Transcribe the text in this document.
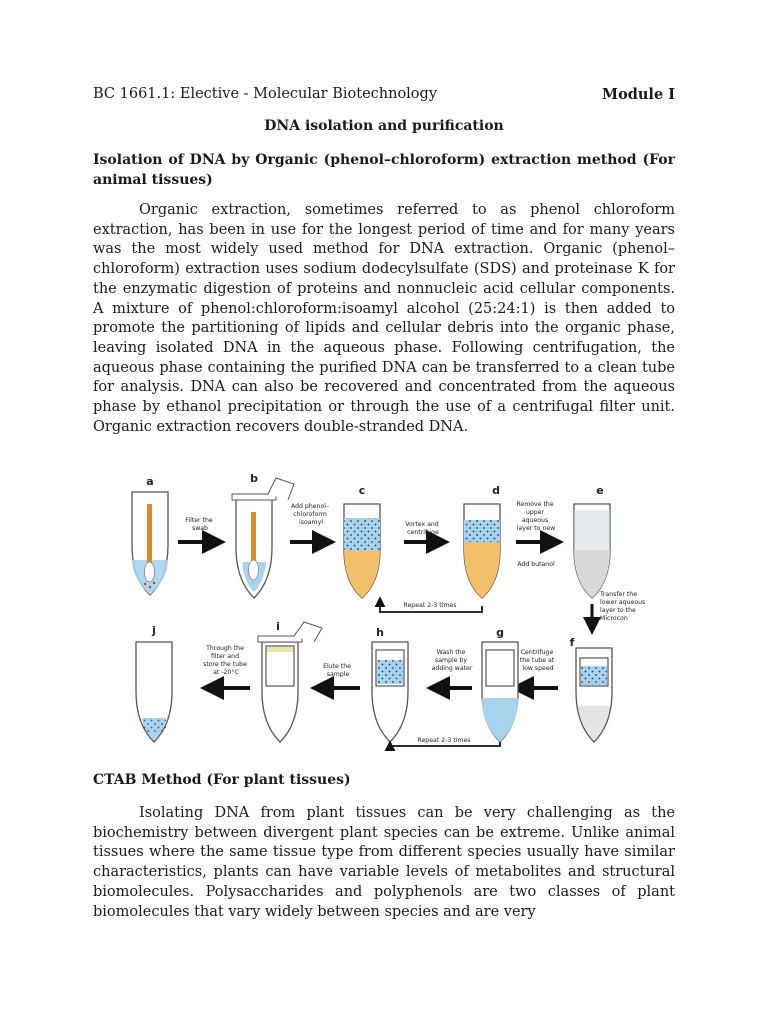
BC 1661.1: Elective - Molecular Biotechnology	Module I
DNA isolation and purification
Isolation of DNA by Organic (phenol–chloroform) extraction method (For animal tissues)

Organic extraction, sometimes referred to as phenol chloroform extraction, has been in use for the longest period of time and for many years was the most widely used method for DNA extraction. Organic (phenol–chloroform) extraction uses sodium dodecylsulfate (SDS) and proteinase K for the enzymatic digestion of proteins and nonnucleic acid cellular components. A mixture of phenol:chloroform:isoamyl alcohol (25:24:1) is then added to promote the partitioning of lipids and cellular debris into the organic phase, leaving isolated DNA in the aqueous phase. Following centrifugation, the aqueous phase containing the purified DNA can be transferred to a clean tube for analysis. DNA can also be recovered and concentrated from the aqueous phase by ethanol precipitation or through the use of a centrifugal filter unit. Organic extraction recovers double-stranded DNA.

a
Filter the swab
b
Add phenol– chloroform isoamyl
c
Vortex and centrifuge
d
Remove the upper aqueous layer to new
Add butanol
e
Repeat 2-3 times
Transfer the lower aqueous layer to the Microcon
f
Centrifuge the tube at low speed
g
Wash the sample by adding water
h
Elute the sample
i
Through the filter and store the tube at -20°C
j
Repeat 2-3 times
CTAB Method (For plant tissues)

Isolating DNA from plant tissues can be very challenging as the biochemistry between divergent plant species can be extreme. Unlike animal tissues where the same tissue type from different species usually have similar characteristics, plants can have variable levels of metabolites and structural biomolecules. Polysaccharides and polyphenols are two classes of plant biomolecules that vary widely between species and are very
